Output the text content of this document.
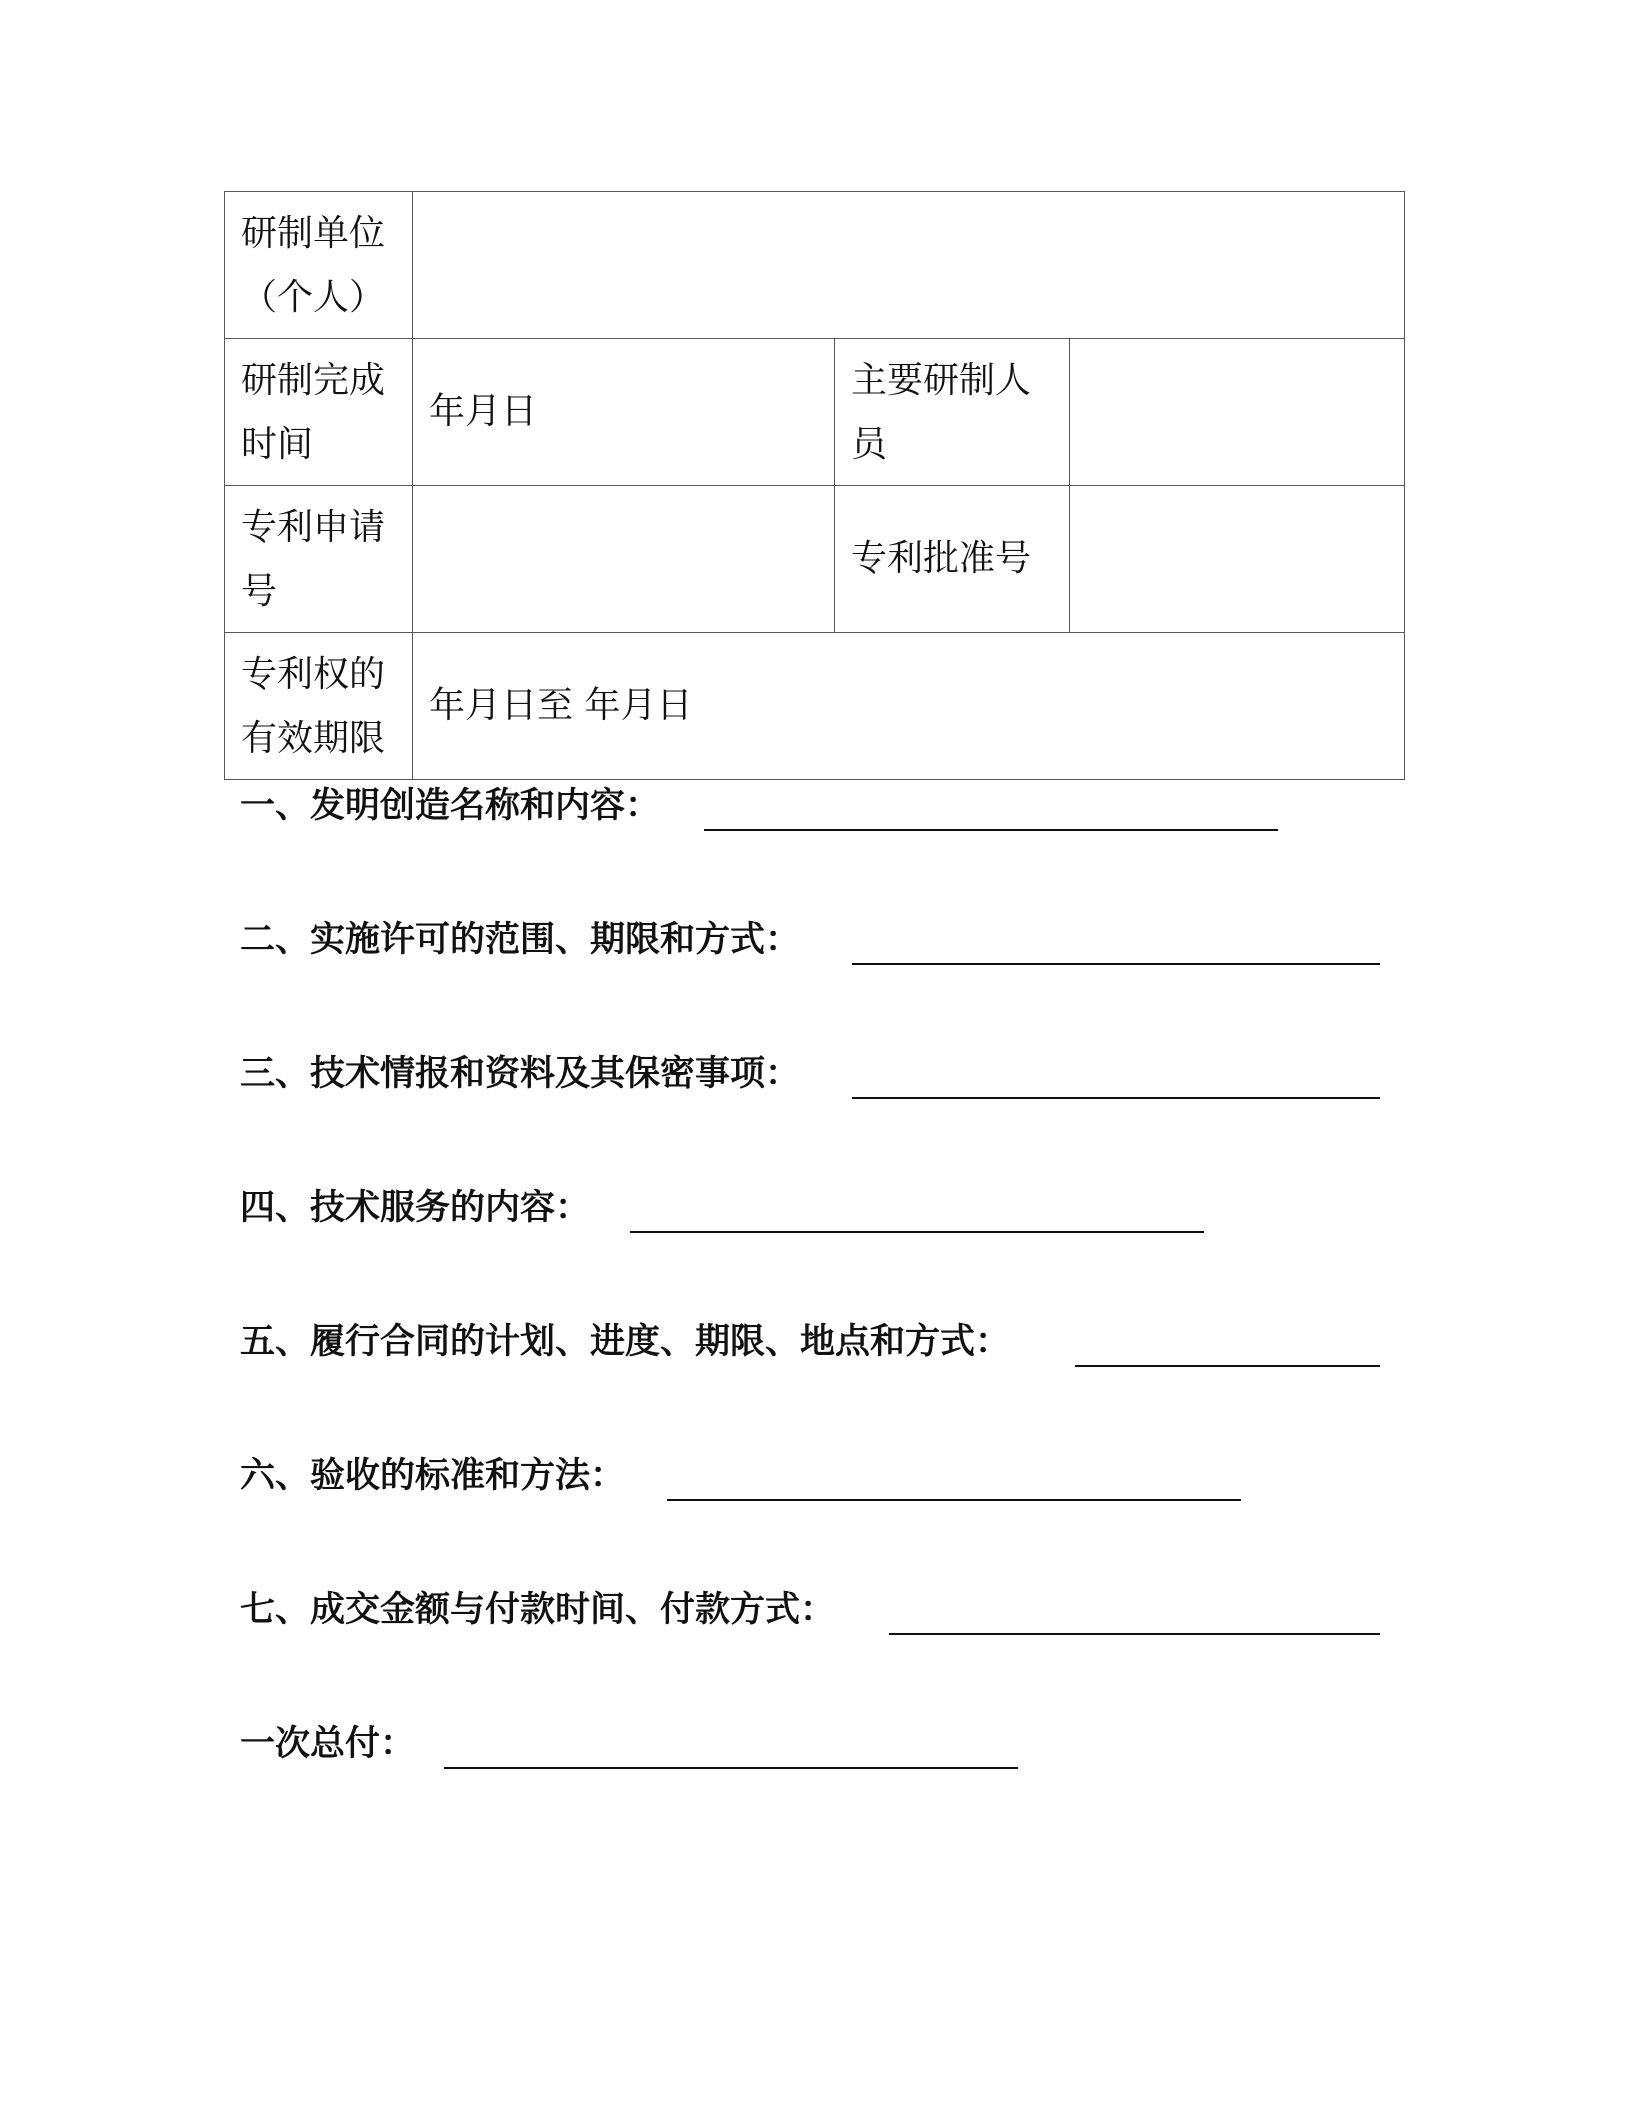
研制单位（个人）			
研制完成时间	年月日	主要研制人员	
专利申请号		专利批准号	
专利权的有效期限	年月日至 年月日		
一、发明创造名称和内容：
二、实施许可的范围、期限和方式：
三、技术情报和资料及其保密事项：
四、技术服务的内容：
五、履行合同的计划、进度、期限、地点和方式：
六、验收的标准和方法：
七、成交金额与付款时间、付款方式：
一次总付：
